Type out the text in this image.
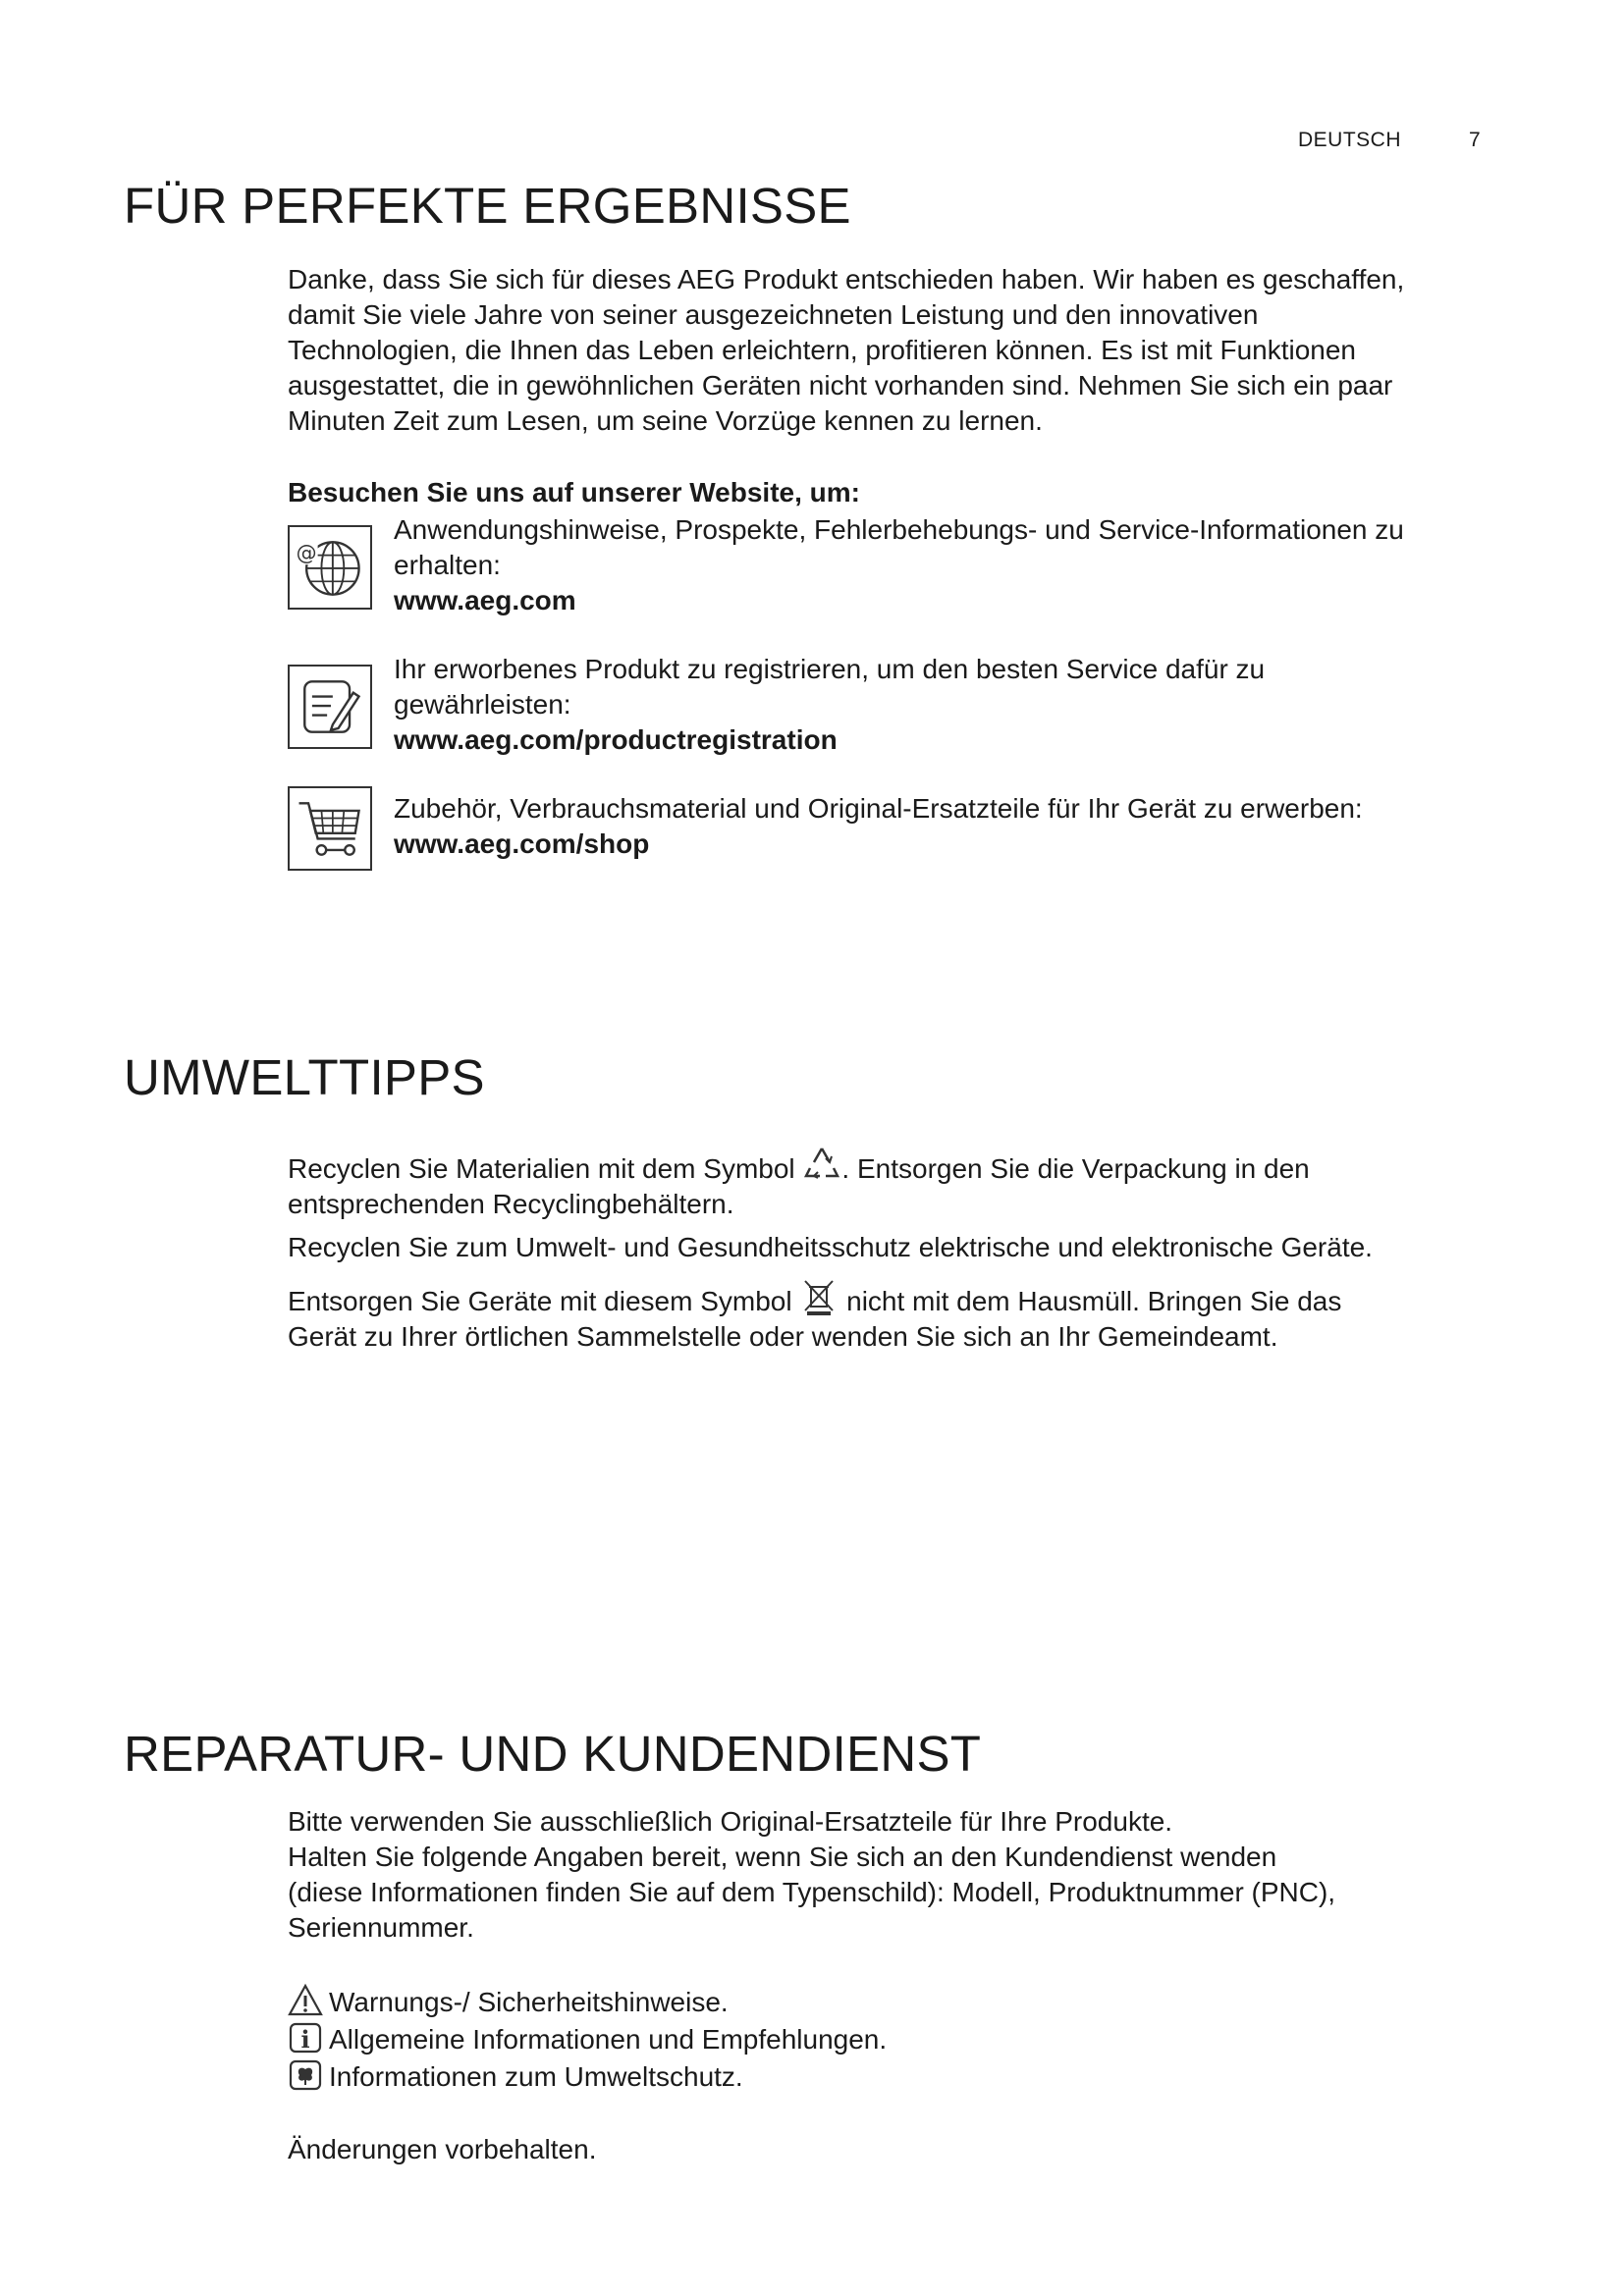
DEUTSCH	7
FÜR PERFEKTE ERGEBNISSE

Danke, dass Sie sich für dieses AEG Produkt entschieden haben. Wir haben es geschaffen,

damit Sie viele Jahre von seiner ausgezeichneten Leistung und den innovativen

Technologien, die Ihnen das Leben erleichtern, profitieren können. Es ist mit Funktionen

ausgestattet, die in gewöhnlichen Geräten nicht vorhanden sind. Nehmen Sie sich ein paar

Minuten Zeit zum Lesen, um seine Vorzüge kennen zu lernen.

Besuchen Sie uns auf unserer Website, um:
@
Anwendungshinweise, Prospekte, Fehlerbehebungs- und Service-Informationen zu
erhalten:
www.aeg.com
Ihr erworbenes Produkt zu registrieren, um den besten Service dafür zu
gewährleisten:
www.aeg.com/productregistration
Zubehör, Verbrauchsmaterial und Original-Ersatzteile für Ihr Gerät zu erwerben:
www.aeg.com/shop
UMWELTTIPPS

Recyclen Sie Materialien mit dem Symbol . Entsorgen Sie die Verpackung in den

entsprechenden Recyclingbehältern.

Recyclen Sie zum Umwelt- und Gesundheitsschutz elektrische und elektronische Geräte.

Entsorgen Sie Geräte mit diesem Symbol  nicht mit dem Hausmüll. Bringen Sie das

Gerät zu Ihrer örtlichen Sammelstelle oder wenden Sie sich an Ihr Gemeindeamt.

REPARATUR- UND KUNDENDIENST

Bitte verwenden Sie ausschließlich Original-Ersatzteile für Ihre Produkte.

Halten Sie folgende Angaben bereit, wenn Sie sich an den Kundendienst wenden

(diese Informationen finden Sie auf dem Typenschild): Modell, Produktnummer (PNC),

Seriennummer.

Warnungs-/ Sicherheitshinweise.

i Allgemeine Informationen und Empfehlungen.

Informationen zum Umweltschutz.

Änderungen vorbehalten.
